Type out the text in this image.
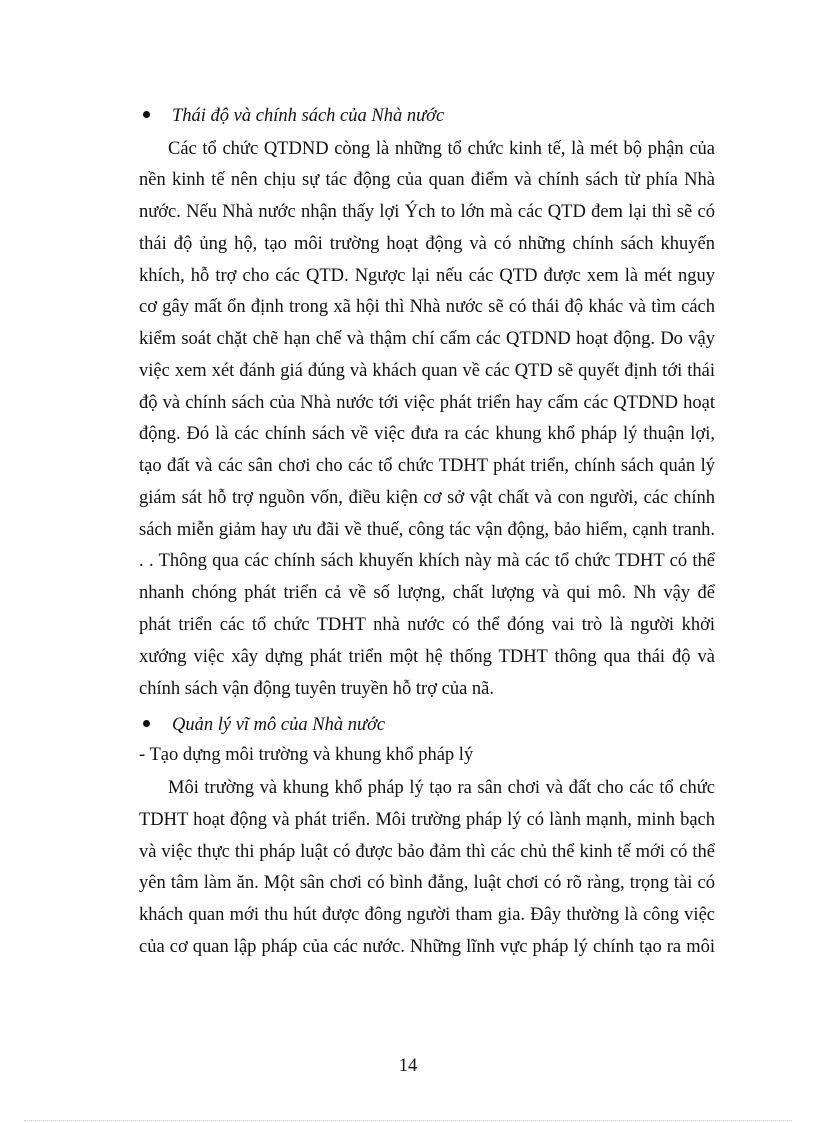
Thái độ và chính sách của Nhà nước
Các tổ chức QTDND còng là những tổ chức kinh tế, là mét bộ phận của
nền kinh tế nên chịu sự tác động của quan điểm và chính sách từ phía Nhà
nước. Nếu Nhà nước nhận thấy lợi Ých to lớn mà các QTD đem lại thì sẽ có
thái độ ủng hộ, tạo môi trường hoạt động và có những chính sách khuyến
khích, hỗ trợ cho các QTD. Ngược lại nếu các QTD được xem là mét nguy
cơ gây mất ổn định trong xã hội thì Nhà nước sẽ có thái độ khác và tìm cách
kiểm soát chặt chẽ hạn chế và thậm chí cấm các QTDND hoạt động. Do vậy
việc xem xét đánh giá đúng và khách quan về các QTD sẽ quyết định tới thái
độ và chính sách của Nhà nước tới việc phát triển hay cấm các QTDND hoạt
động. Đó là các chính sách về việc đưa ra các khung khổ pháp lý thuận lợi,
tạo đất và các sân chơi cho các tổ chức TDHT phát triển, chính sách quản lý
giám sát hỗ trợ nguồn vốn, điều kiện cơ sở vật chất và con người, các chính
sách miễn giảm hay ưu đãi về thuế, công tác vận động, bảo hiểm, cạnh tranh.
. . Thông qua các chính sách khuyến khích này mà các tổ chức TDHT có thể
nhanh chóng phát triển cả về số lượng, chất lượng và qui mô. Nh vậy để
phát triển các tổ chức TDHT nhà nước có thể đóng vai trò là người khởi
xướng việc xây dựng phát triển một hệ thống TDHT thông qua thái độ và
chính sách vận động tuyên truyền hỗ trợ của nã.
Quản lý vĩ mô của Nhà nước
- Tạo dựng môi trường và khung khổ pháp lý
Môi trường và khung khổ pháp lý tạo ra sân chơi và đất cho các tổ chức
TDHT hoạt động và phát triển. Môi trường pháp lý có lành mạnh, minh bạch
và việc thực thi pháp luật có được bảo đảm thì các chủ thể kinh tế mới có thể
yên tâm làm ăn. Một sân chơi có bình đẳng, luật chơi có rõ ràng, trọng tài có
khách quan mới thu hút được đông người tham gia. Đây thường là công việc
của cơ quan lập pháp của các nước. Những lĩnh vực pháp lý chính tạo ra môi
14
